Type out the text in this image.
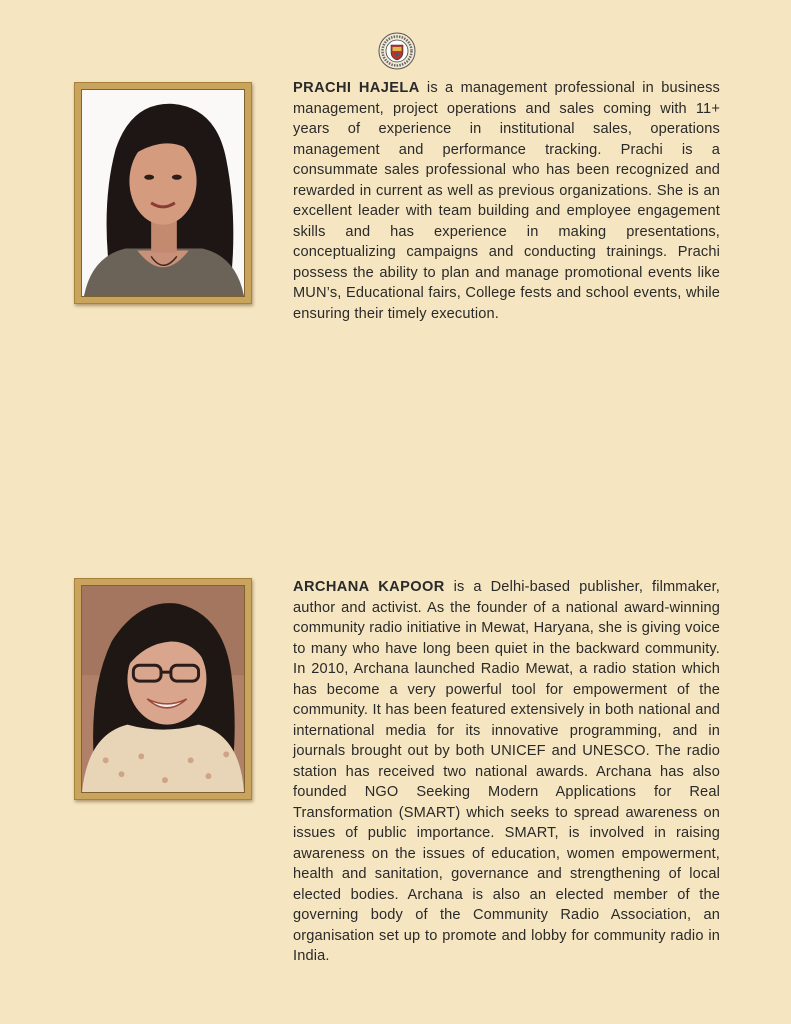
PRACHI HAJELA is a management professional in business management, project operations and sales coming with 11+ years of experience in institutional sales, operations management and performance tracking. Prachi is a consummate sales professional who has been recognized and rewarded in current as well as previous organizations. She is an excellent leader with team building and employee engagement skills and has experience in making presentations, conceptualizing campaigns and conducting trainings. Prachi possess the ability to plan and manage promotional events like MUN’s, Educational fairs, College fests and school events, while ensuring their timely execution.

ARCHANA KAPOOR is a Delhi-based publisher, filmmaker, author and activist. As the founder of a national award-winning community radio initiative in Mewat, Haryana, she is giving voice to many who have long been quiet in the backward community. In 2010, Archana launched Radio Mewat, a radio station which has become a very powerful tool for empowerment of the community. It has been featured extensively in both national and international media for its innovative programming, and in journals brought out by both UNICEF and UNESCO. The radio station has received two national awards. Archana has also founded NGO Seeking Modern Applications for Real Transformation (SMART) which seeks to spread awareness on issues of public importance. SMART, is involved in raising awareness on the issues of education, women empowerment, health and sanitation, governance and strengthening of local elected bodies. Archana is also an elected member of the governing body of the Community Radio Association, an organisation set up to promote and lobby for community radio in India.
